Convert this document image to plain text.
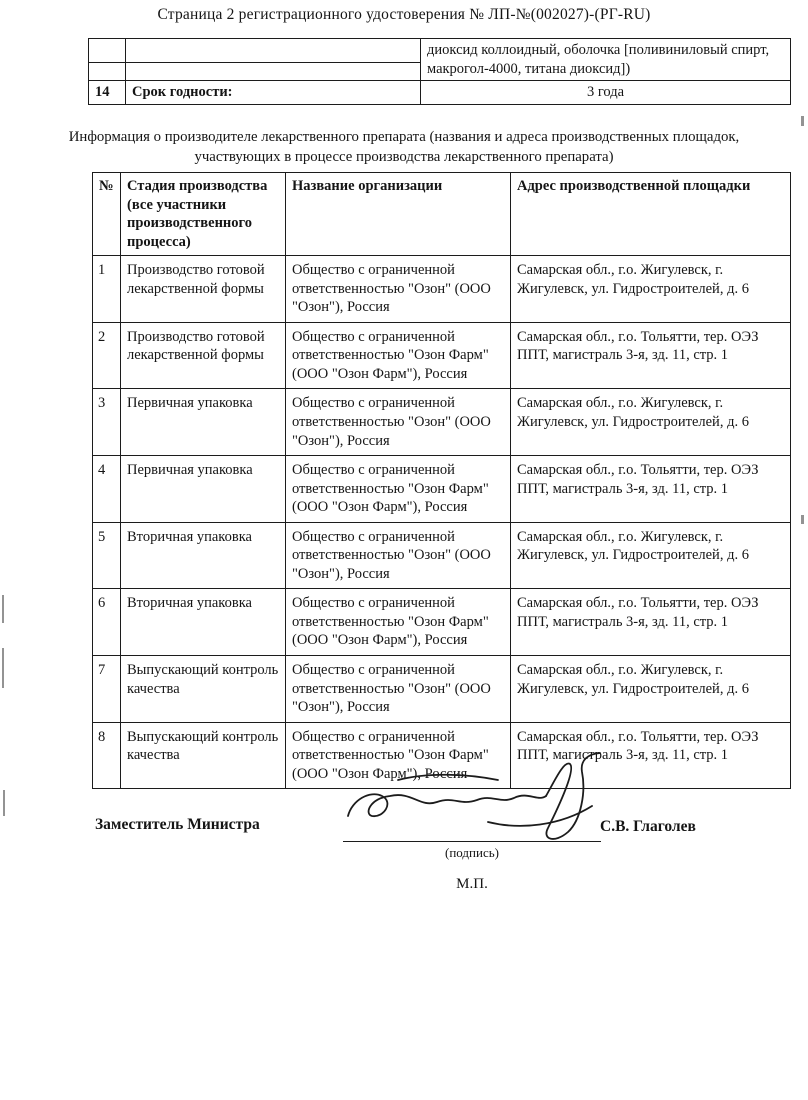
Страница 2 регистрационного удостоверения № ЛП-№(002027)-(РГ-RU)
		диоксид коллоидный, оболочка [поливиниловый спирт, макрогол-4000, титана диоксид])

14	Срок годности:	3 года
Информация о производителе лекарственного препарата (названия и адреса производственных площадок, участвующих в процессе производства лекарственного препарата)
№	Стадия производства (все участники производственного процесса)	Название организации	Адрес производственной площадки
1	Производство готовой лекарственной формы	Общество с ограниченной ответственностью "Озон" (ООО "Озон"), Россия	Самарская обл., г.о. Жигулевск, г. Жигулевск, ул. Гидростроителей, д. 6
2	Производство готовой лекарственной формы	Общество с ограниченной ответственностью "Озон Фарм" (ООО "Озон Фарм"), Россия	Самарская обл., г.о. Тольятти, тер. ОЭЗ ППТ, магистраль 3-я, зд. 11, стр. 1
3	Первичная упаковка	Общество с ограниченной ответственностью "Озон" (ООО "Озон"), Россия	Самарская обл., г.о. Жигулевск, г. Жигулевск, ул. Гидростроителей, д. 6
4	Первичная упаковка	Общество с ограниченной ответственностью "Озон Фарм" (ООО "Озон Фарм"), Россия	Самарская обл., г.о. Тольятти, тер. ОЭЗ ППТ, магистраль 3-я, зд. 11, стр. 1
5	Вторичная упаковка	Общество с ограниченной ответственностью "Озон" (ООО "Озон"), Россия	Самарская обл., г.о. Жигулевск, г. Жигулевск, ул. Гидростроителей, д. 6
6	Вторичная упаковка	Общество с ограниченной ответственностью "Озон Фарм" (ООО "Озон Фарм"), Россия	Самарская обл., г.о. Тольятти, тер. ОЭЗ ППТ, магистраль 3-я, зд. 11, стр. 1
7	Выпускающий контроль качества	Общество с ограниченной ответственностью "Озон" (ООО "Озон"), Россия	Самарская обл., г.о. Жигулевск, г. Жигулевск, ул. Гидростроителей, д. 6
8	Выпускающий контроль качества	Общество с ограниченной ответственностью "Озон Фарм" (ООО "Озон Фарм"), Россия	Самарская обл., г.о. Тольятти, тер. ОЭЗ ППТ, магистраль 3-я, зд. 11, стр. 1
Заместитель Министра
(подпись)
С.В. Глаголев
М.П.
